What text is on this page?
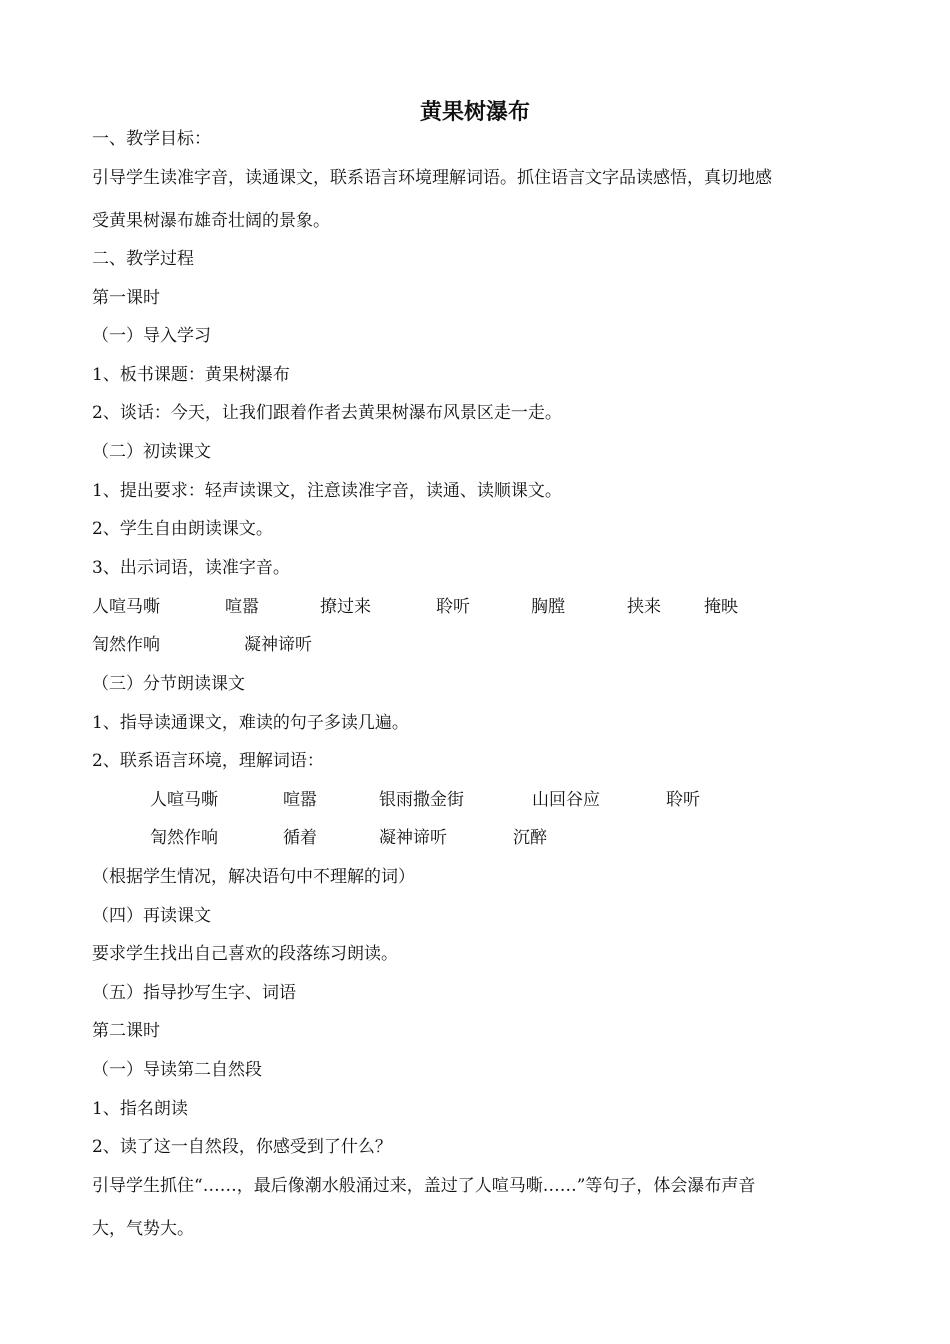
黄果树瀑布
一、教学目标：
引导学生读准字音，读通课文，联系语言环境理解词语。抓住语言文字品读感悟，真切地感
受黄果树瀑布雄奇壮阔的景象。
二、教学过程
第一课时
（一）导入学习
1、板书课题：黄果树瀑布
2、谈话：今天，让我们跟着作者去黄果树瀑布风景区走一走。
（二）初读课文
1、提出要求：轻声读课文，注意读准字音，读通、读顺课文。
2、学生自由朗读课文。
3、出示词语，读准字音。
人喧马嘶	喧嚣	撩过来	聆听	胸膛	挟来	掩映
訇然作响	凝神谛听
（三）分节朗读课文
1、指导读通课文，难读的句子多读几遍。
2、联系语言环境，理解词语：
人喧马嘶	喧嚣	银雨撒金街	山回谷应	聆听
訇然作响	循着	凝神谛听	沉醉
（根据学生情况，解决语句中不理解的词）
（四）再读课文
要求学生找出自己喜欢的段落练习朗读。
（五）指导抄写生字、词语
第二课时
（一）导读第二自然段
1、指名朗读
2、读了这一自然段，你感受到了什么？
引导学生抓住“……，最后像潮水般涌过来，盖过了人喧马嘶……”等句子，体会瀑布声音
大，气势大。
